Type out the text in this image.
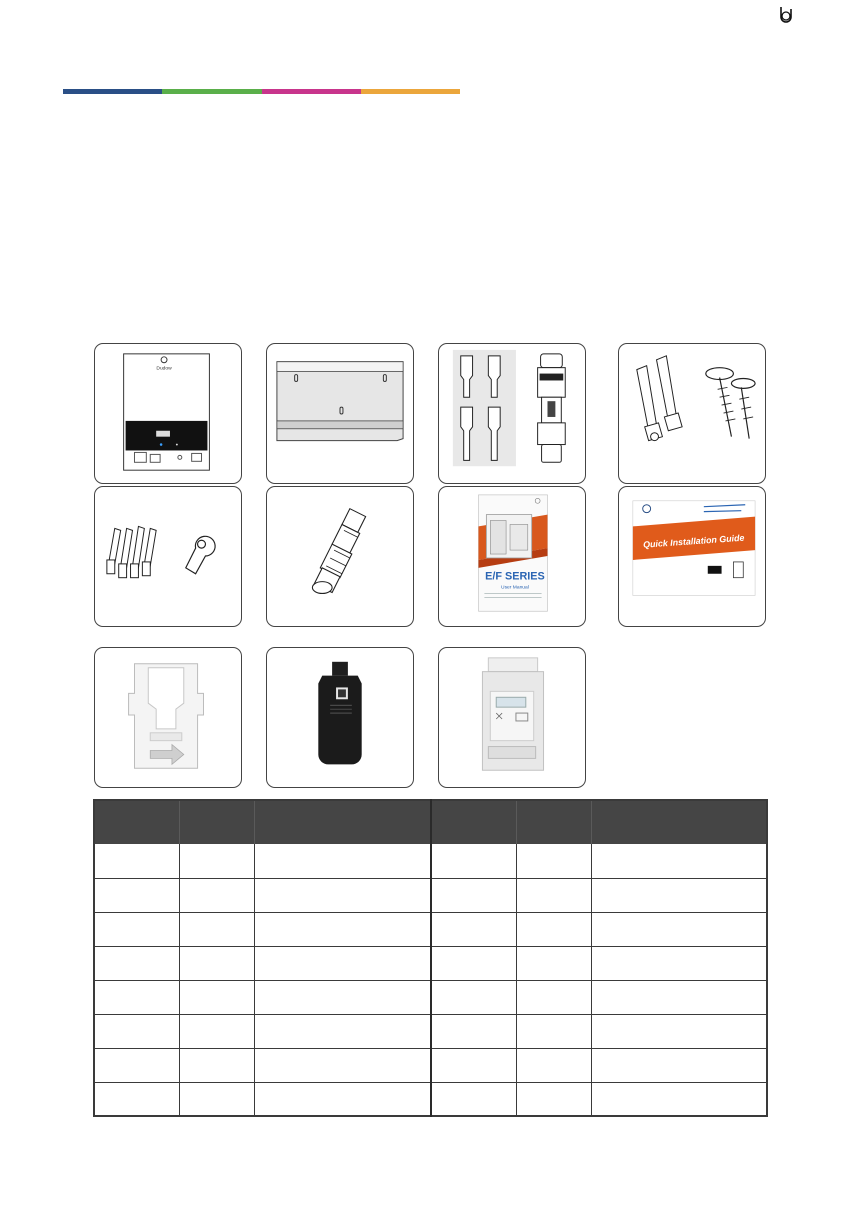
Dudow
E/F SERIES
User Manual
Quick Installation Guide
